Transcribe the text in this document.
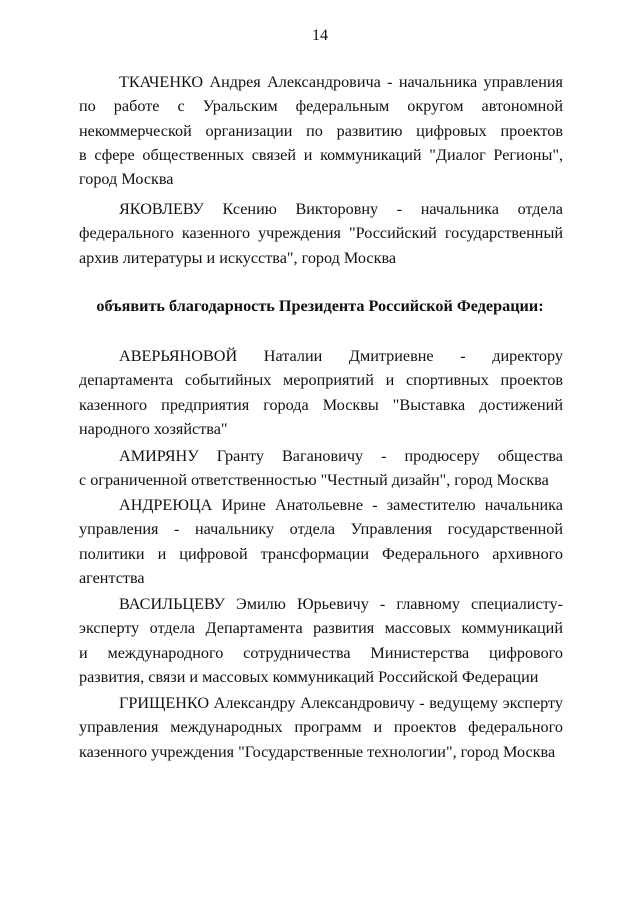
14
ТКАЧЕНКО Андрея Александровича - начальника управления
по работе с Уральским федеральным округом автономной
некоммерческой организации по развитию цифровых проектов
в сфере общественных связей и коммуникаций "Диалог Регионы",
город Москва
ЯКОВЛЕВУ Ксению Викторовну - начальника отдела
федерального казенного учреждения "Российский государственный
архив литературы и искусства", город Москва
объявить благодарность Президента Российской Федерации:
АВЕРЬЯНОВОЙ Наталии Дмитриевне - директору
департамента событийных мероприятий и спортивных проектов
казенного предприятия города Москвы "Выставка достижений
народного хозяйства"
АМИРЯНУ Гранту Вагановичу - продюсеру общества
с ограниченной ответственностью "Честный дизайн", город Москва
АНДРЕЮЦА Ирине Анатольевне - заместителю начальника
управления - начальнику отдела Управления государственной
политики и цифровой трансформации Федерального архивного
агентства
ВАСИЛЬЦЕВУ Эмилю Юрьевичу - главному специалисту-
эксперту отдела Департамента развития массовых коммуникаций
и международного сотрудничества Министерства цифрового
развития, связи и массовых коммуникаций Российской Федерации
ГРИЩЕНКО Александру Александровичу - ведущему эксперту
управления международных программ и проектов федерального
казенного учреждения "Государственные технологии", город Москва
